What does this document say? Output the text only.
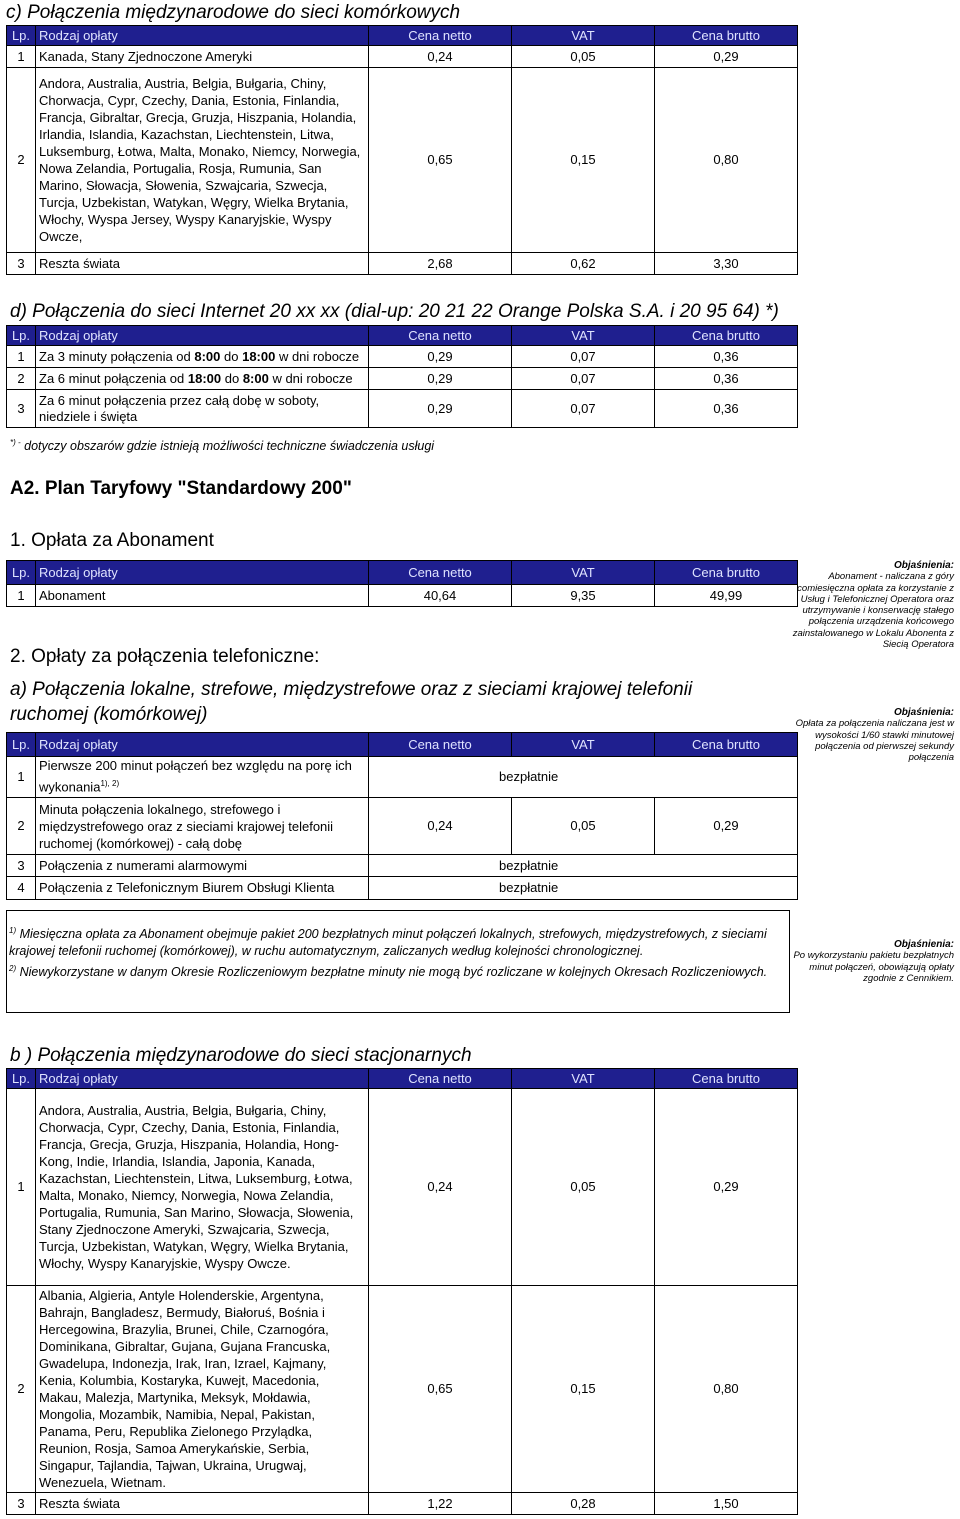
c) Połączenia międzynarodowe do sieci komórkowych
Lp.	Rodzaj opłaty	Cena netto	VAT	Cena brutto
1	Kanada, Stany Zjednoczone Ameryki	0,24	0,05	0,29
2	Andora, Australia, Austria, Belgia, Bułgaria, Chiny, Chorwacja, Cypr, Czechy, Dania, Estonia, Finlandia, Francja, Gibraltar, Grecja, Gruzja, Hiszpania, Holandia, Irlandia, Islandia, Kazachstan, Liechtenstein, Litwa, Luksemburg, Łotwa, Malta, Monako, Niemcy, Norwegia, Nowa Zelandia, Portugalia, Rosja, Rumunia, San Marino, Słowacja, Słowenia, Szwajcaria, Szwecja, Turcja, Uzbekistan, Watykan, Węgry, Wielka Brytania, Włochy, Wyspa Jersey, Wyspy Kanaryjskie, Wyspy Owcze,	0,65	0,15	0,80
3	Reszta świata	2,68	0,62	3,30
d) Połączenia do sieci Internet 20 xx xx (dial-up: 20 21 22 Orange Polska S.A. i 20 95 64) *)
Lp.	Rodzaj opłaty	Cena netto	VAT	Cena brutto
1	Za 3 minuty połączenia od 8:00 do 18:00 w dni robocze	0,29	0,07	0,36
2	Za 6 minut połączenia od 18:00 do 8:00 w dni robocze	0,29	0,07	0,36
3	Za 6 minut połączenia przez całą dobę w soboty, niedziele i święta	0,29	0,07	0,36
*) - dotyczy obszarów gdzie istnieją możliwości techniczne świadczenia usługi
A2. Plan Taryfowy "Standardowy 200"
1. Opłata za Abonament
Lp.	Rodzaj opłaty	Cena netto	VAT	Cena brutto
1	Abonament	40,64	9,35	49,99
2. Opłaty za połączenia telefoniczne:
a) Połączenia lokalne, strefowe, międzystrefowe oraz z sieciami krajowej telefonii ruchomej (komórkowej)
Lp.	Rodzaj opłaty	Cena netto	VAT	Cena brutto
1	Pierwsze 200 minut połączeń bez względu na porę ich wykonania$^{1), 2)}$	bezpłatnie		
2	Minuta połączenia lokalnego, strefowego i międzystrefowego oraz z sieciami krajowej telefonii ruchomej (komórkowej) - całą dobę	0,24	0,05	0,29
3	Połączenia z numerami alarmowymi	bezpłatnie		
4	Połączenia z Telefonicznym Biurem Obsługi Klienta	bezpłatnie		
$^{1)}$ Miesięczna opłata za Abonament obejmuje pakiet 200 bezpłatnych minut połączeń lokalnych, strefowych, międzystrefowych, z sieciami krajowej telefonii ruchomej (komórkowej), w ruchu automatycznym, zaliczanych według kolejności chronologicznej.
$^{2)}$ Niewykorzystane w danym Okresie Rozliczeniowym bezpłatne minuty nie mogą być rozliczane w kolejnych Okresach Rozliczeniowych.
b ) Połączenia międzynarodowe do sieci stacjonarnych
Lp.	Rodzaj opłaty	Cena netto	VAT	Cena brutto
1	Andora, Australia, Austria, Belgia, Bułgaria, Chiny, Chorwacja, Cypr, Czechy, Dania, Estonia, Finlandia, Francja, Grecja, Gruzja, Hiszpania, Holandia, Hong-Kong, Indie, Irlandia, Islandia, Japonia, Kanada, Kazachstan, Liechtenstein, Litwa, Luksemburg, Łotwa, Malta, Monako, Niemcy, Norwegia, Nowa Zelandia, Portugalia, Rumunia, San Marino, Słowacja, Słowenia, Stany Zjednoczone Ameryki, Szwajcaria, Szwecja, Turcja, Uzbekistan, Watykan, Węgry, Wielka Brytania, Włochy, Wyspy Kanaryjskie, Wyspy Owcze.	0,24	0,05	0,29
2	Albania, Algieria, Antyle Holenderskie, Argentyna, Bahrajn, Bangladesz, Bermudy, Białoruś, Bośnia i Hercegowina, Brazylia, Brunei, Chile, Czarnogóra, Dominikana, Gibraltar, Gujana, Gujana Francuska, Gwadelupa, Indonezja, Irak, Iran, Izrael, Kajmany, Kenia, Kolumbia, Kostaryka, Kuwejt, Macedonia, Makau, Malezja, Martynika, Meksyk, Mołdawia, Mongolia, Mozambik, Namibia, Nepal, Pakistan, Panama, Peru, Republika Zielonego Przylądka, Reunion, Rosja, Samoa Amerykańskie, Serbia, Singapur, Tajlandia, Tajwan, Ukraina, Urugwaj, Wenezuela, Wietnam.	0,65	0,15	0,80
3	Reszta świata	1,22	0,28	1,50
Objaśnienia:
Abonament - naliczana z góry comiesięczna opłata za korzystanie z Usług i Telefonicznej Operatora oraz utrzymywanie i konserwację stałego połączenia urządzenia końcowego zainstalowanego w Lokalu Abonenta z Siecią Operatora
Objaśnienia:
Opłata za połączenia naliczana jest w wysokości 1/60 stawki minutowej połączenia od pierwszej sekundy połączenia
Objaśnienia:
Po wykorzystaniu pakietu bezpłatnych minut połączeń, obowiązują opłaty zgodnie z Cennikiem.
